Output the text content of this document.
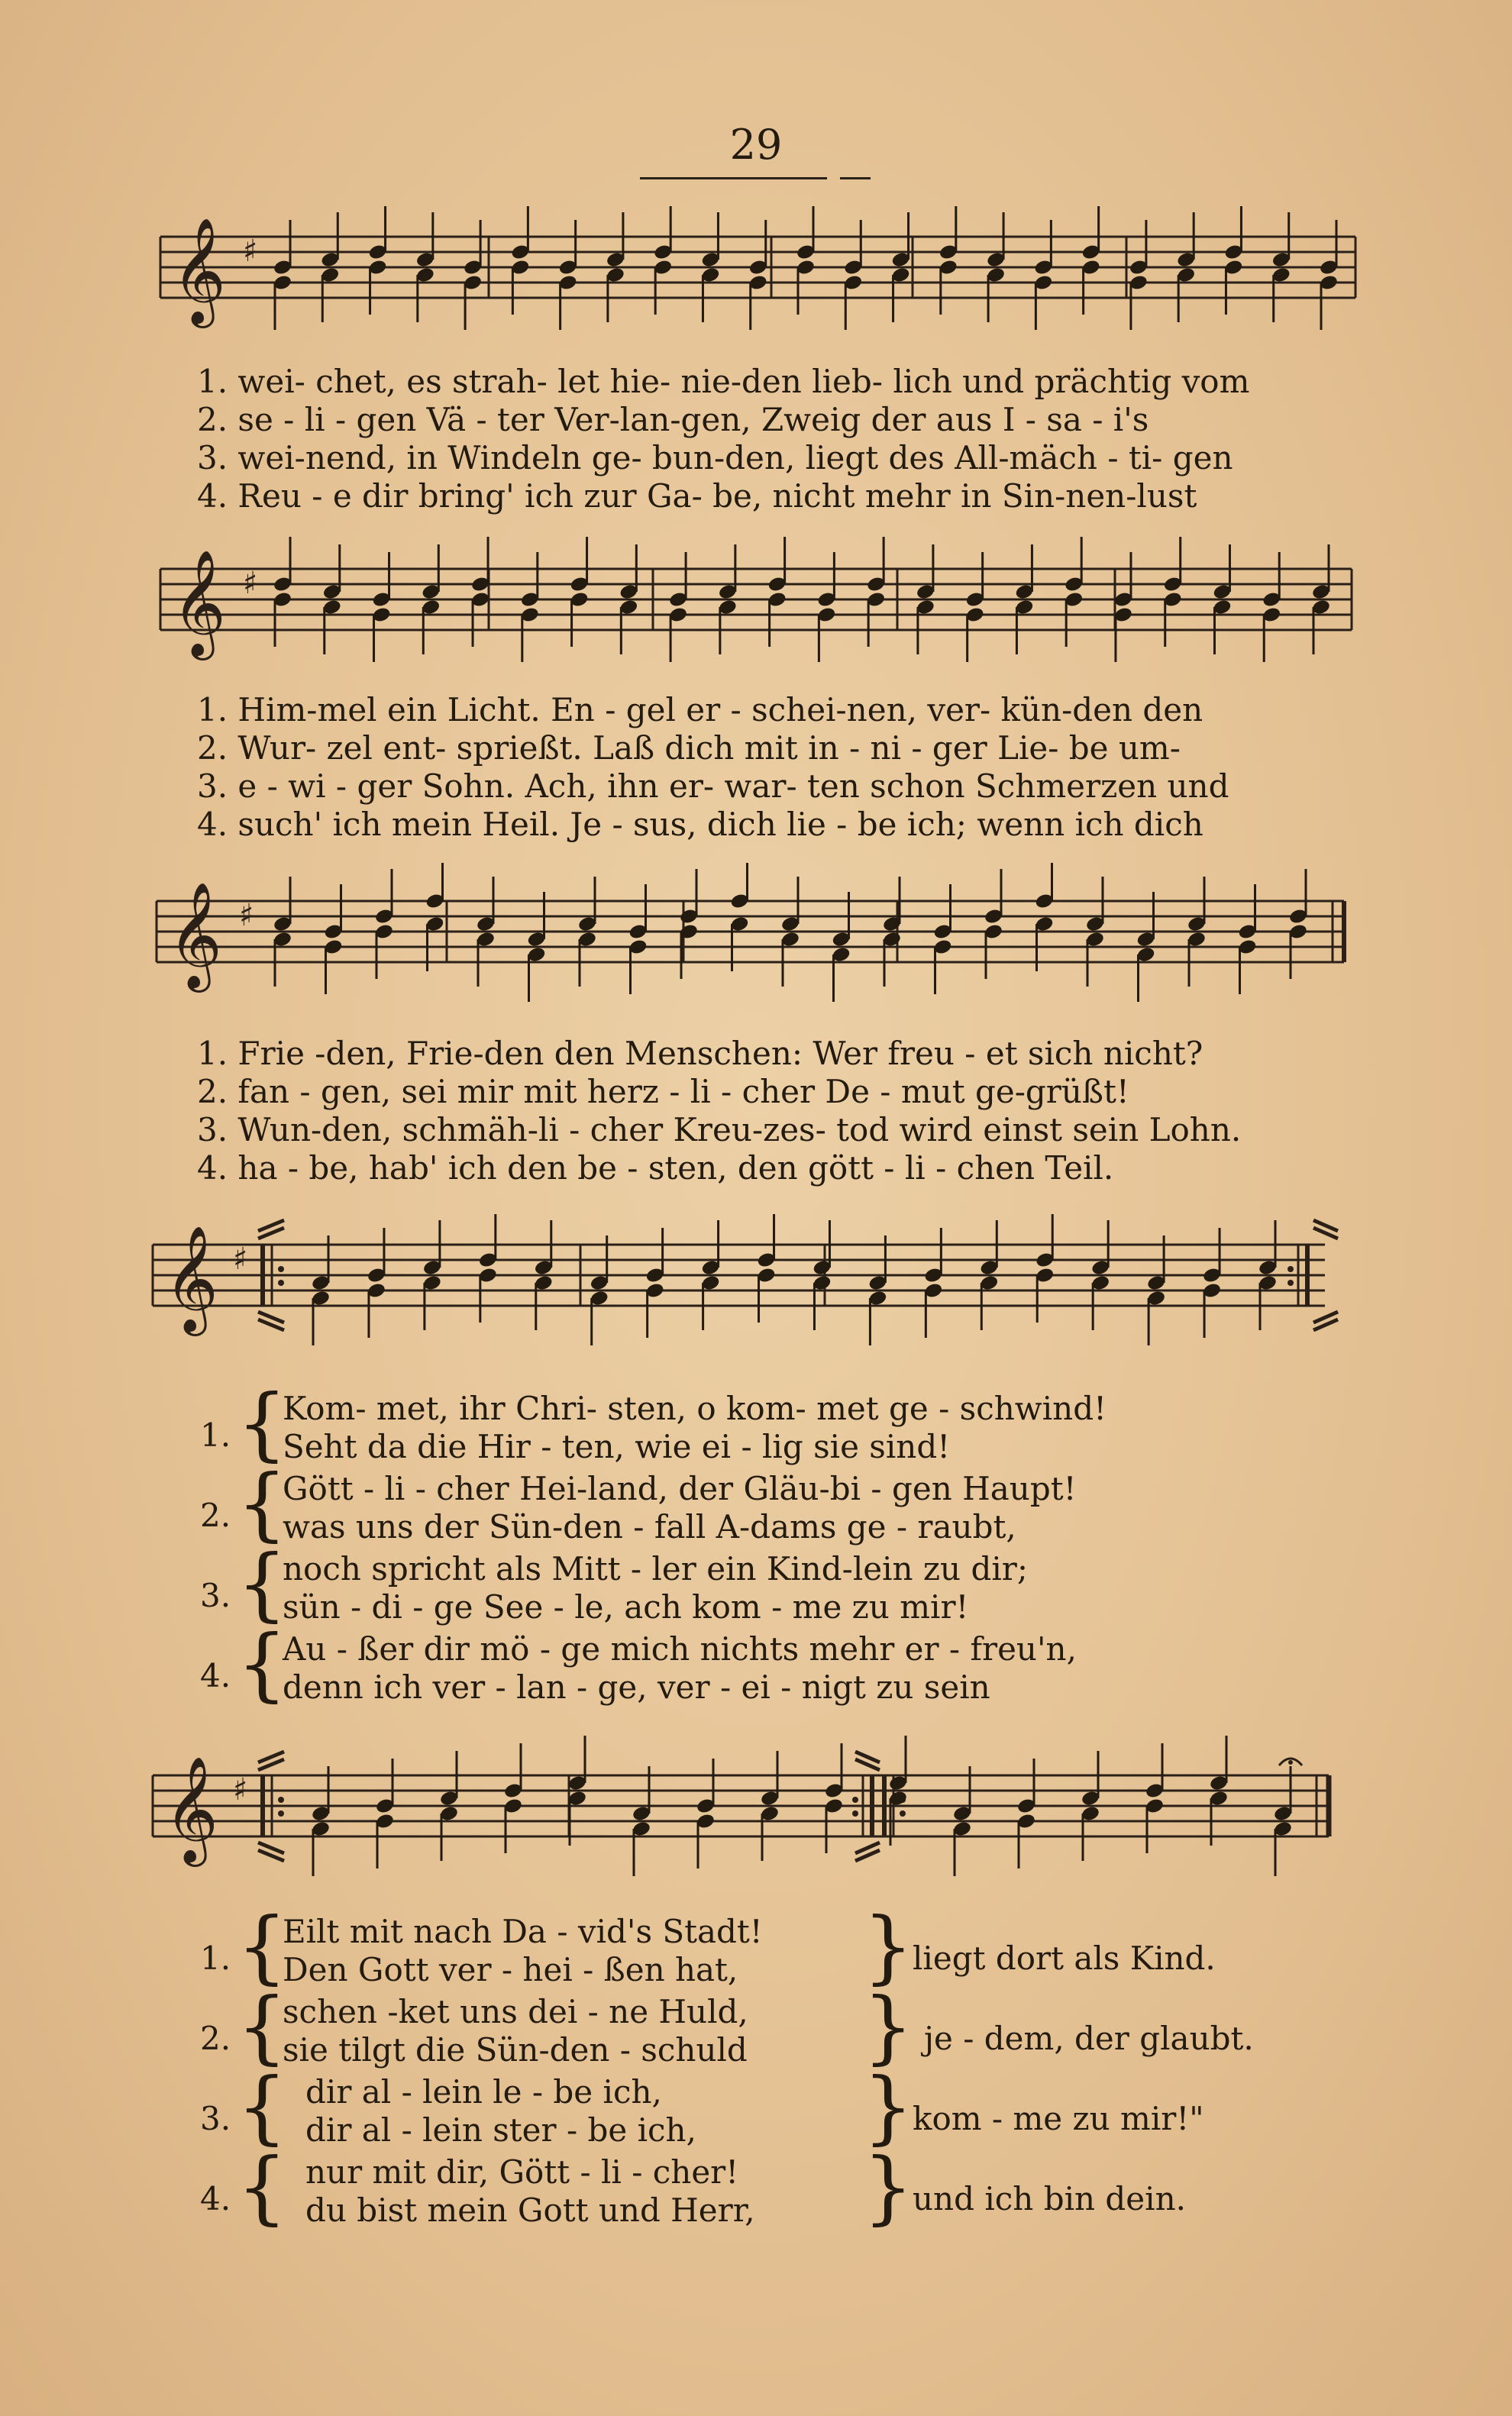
29
𝄞 ♯
1. wei- chet, es strah- let hie- nie-den lieb- lich und prächtig vom
2. se - li - gen Vä - ter Ver-lan-gen, Zweig der aus I - sa - i's
3. wei-nend, in Windeln ge- bun-den, liegt des All-mäch - ti- gen
4. Reu - e dir bring' ich zur Ga- be, nicht mehr in Sin-nen-lust
𝄞 ♯
1. Him-mel ein Licht. En - gel er - schei-nen, ver- kün-den den
2. Wur- zel ent- sprießt. Laß dich mit in - ni - ger Lie- be um-
3. e - wi - ger Sohn. Ach, ihn er- war- ten schon Schmerzen und
4. such' ich mein Heil. Je - sus, dich lie - be ich; wenn ich dich
𝄞 ♯
1. Frie -den, Frie-den den Menschen: Wer freu - et sich nicht?
2. fan - gen, sei mir mit herz - li - cher De - mut ge-grüßt!
3. Wun-den, schmäh-li - cher Kreu-zes- tod wird einst sein Lohn.
4. ha - be, hab' ich den be - sten, den gött - li - chen Teil.
𝄞 ♯
1. {
Kom- met, ihr Chri- sten, o kom- met ge - schwind!
Seht da die Hir - ten, wie ei - lig sie sind!
2. {
Gött - li - cher Hei-land, der Gläu-bi - gen Haupt!
was uns der Sün-den - fall A-dams ge - raubt,
3. {
noch spricht als Mitt - ler ein Kind-lein zu dir;
sün - di - ge See - le, ach kom - me zu mir!
4. {
Au - ßer dir mö - ge mich nichts mehr er - freu'n,
denn ich ver - lan - ge, ver - ei - nigt zu sein
𝄞 ♯
1. {
Eilt mit nach Da - vid's Stadt!
Den Gott ver - hei - ßen hat, }
liegt dort als Kind.
2. {
schen -ket uns dei - ne Huld,
sie tilgt die Sün-den - schuld } je - dem, der glaubt.
3. { dir al - lein le - be ich,
dir al - lein ster - be ich, }
kom - me zu mir!"
4. { nur mit dir, Gött - li - cher!
du bist mein Gott und Herr, }
und ich bin dein.
